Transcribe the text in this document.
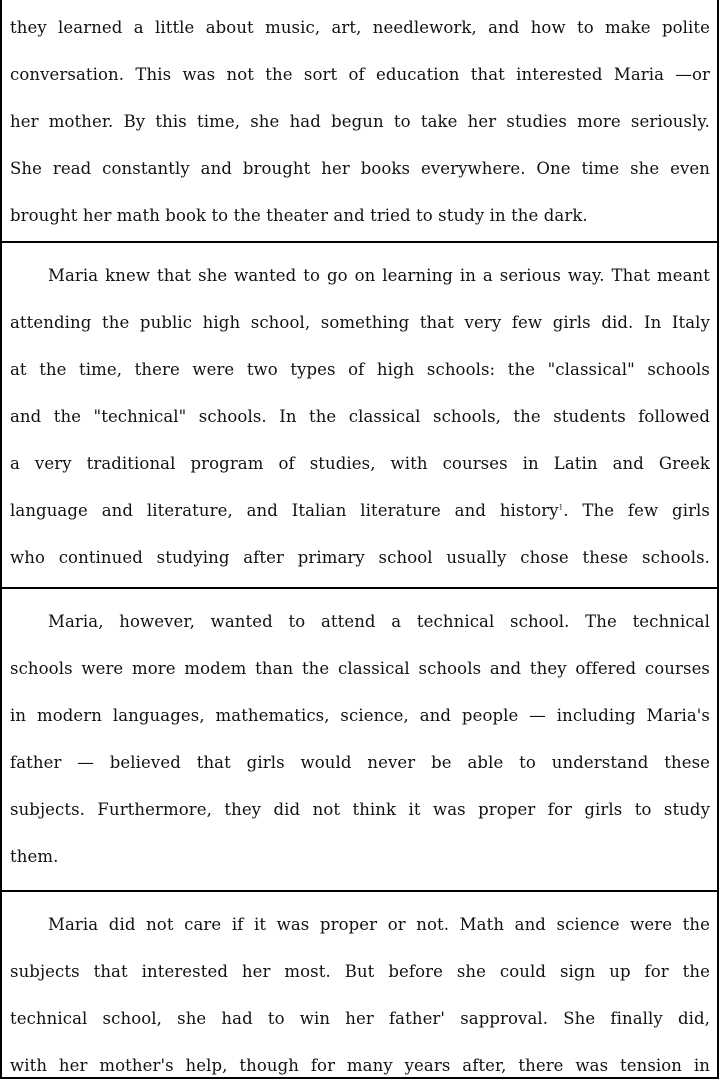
they learned a little about music, art, needlework, and how to make polite
conversation. This was not the sort of education that interested Maria —or
her mother. By this time, she had begun to take her studies more seriously.
She read constantly and brought her books everywhere. One time she even
brought her math book to the theater and tried to study in the dark.
Maria knew that she wanted to go on learning in a serious way. That meant
attending the public high school, something that very few girls did. In Italy
at the time, there were two types of high schools: the "classical" schools
and the "technical" schools. In the classical schools, the students followed
a very traditional program of studies, with courses in Latin and Greek
language and literature, and Italian literature and history$^1$. The few girls
who continued studying after primary school usually chose these schools.
Maria, however, wanted to attend a technical school. The technical
schools were more modem than the classical schools and they offered courses
in modern languages, mathematics, science, and people — including Maria's
father — believed that girls would never be able to understand these
subjects. Furthermore, they did not think it was proper for girls to study
them.
Maria did not care if it was proper or not. Math and science were the
subjects that interested her most. But before she could sign up for the
technical school, she had to win her father' sapproval. She finally did,
with her mother's help, though for many years after, there was tension in
